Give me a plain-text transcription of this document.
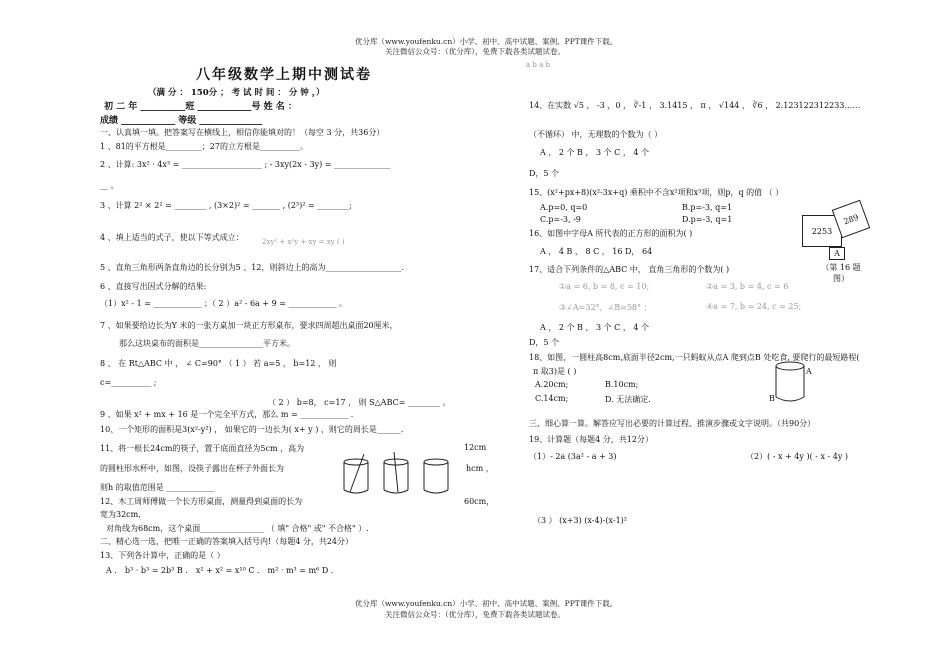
优分库（www.youfenku.cn）小学、初中、高中试题、案例、PPT课件下载。
关注微信公众号：（优分库），免费下载各类试题试卷。
a b a b
八年级数学上期中测试卷
（满 分 ： 150分 ； 考 试 时 间 ： 分 钟 ，）
初 二 年 __________班 ____________号 姓 名 ：
成绩 ____________ 等级 ______________
一、认真填一填。把答案写在横线上，相信你能填对的！（每空 3 分，共36分）
1 、81的平方根是_________；27的立方根是__________。
2 、计算: 3x² · 4x³ = ____________________ ; - 3xy(2x - 3y) = ______________
__ 。
3 、计算 2² × 2² = ________ , (3×2)² = _______ , (2³)² = ________;
4 、填上适当的式子，使以下等式成立：	2xy² + x²y + xy = xy ( )
5 、直角三角形两条直角边的长分别为5 、12，则斜边上的高为___________________.
6 、直接写出因式分解的结果:
（1）x² - 1 = ____________ ；（ 2 ）a² - 6a + 9 = ____________ 。
7 、如果要给边长为Y 米的一张方桌加一块正方形桌布，要求四周超出桌面20厘米，
那么这块桌布的面积是________________平方米。
8 、 在 Rt△ABC 中 ， ∠ C=90° （ 1 ） 若 a=5 ， b=12 ， 则
c=__________ ;
（ 2 ） b=8， c=17 ， 则 S△ABC= ________ 。
9 、如果 x² + mx + 16 是一个完全平方式，那么 m = ____________ .
10、一个矩形的面积是3(x²-y²) ， 如果它的一边长为( x+ y ) ，则它的周长是______.
11、将一根长24cm的筷子，置于底面直径为5cm ，高为	12cm
的圆柱形水杯中，如图，设筷子露出在杯子外面长为	hcm ，
则h 的取值范围是 ____________
12、木工周师傅做一个长方形桌面，测量得到桌面的长为	60cm，
宽为32cm,
对角线为68cm，这个桌面________________ （ 填" 合格" 或" 不合格" ）.
二、精心选一选，把唯一正确的答案填入括号内!（每题4 分，共24分）
13、下列各计算中，正确的是（ ）
A ． b³ · b³ = 2b³ B ． x² + x² = x¹⁰ C ． m² · m³ = m⁶ D ．
14、在实数 √5 ， -3 ，0 ， ∛-1 ， 3.1415 ， π ， √144 ， ∛6 ， 2.123122312233……
（不循环） 中，无理数的个数为（ ）
A ， 2 个 B ， 3 个 C ， 4 个
D，5 个
15、(x²+px+8)(x²-3x+q) 乘积中不含x²项和x³项，则p，q 的值 （ ）
A.p=0, q=0	B.p=-3, q=1
C.p=-3, -9	D.p=-3, q=1
16、如图中字母A 所代表的正方形的面积为( )
A ， 4 B ， 8 C ， 16 D， 64
17、适合下列条件的△ABC 中， 直角三角形的个数为( )
①a = 6, b = 8, c = 10;	②a = 3, b = 4, c = 6
③∠A=32°，∠B=58° ；	④a = 7, b = 24, c = 25;
A ， 2 个 B ， 3 个 C ， 4 个
D，5 个
18、如图，一圆柱高8cm,底面半径2cm,一只蚂蚁从点A 爬到点B 处吃食, 要爬行的最短路程(
π 取3)是 ( )
A.20cm;	B.10cm;
C.14cm;	D. 无法确定.
三、细心算一算。解答应写出必要的计算过程、推演步骤或文字说明。（共90分）
19、计算题（每题4 分，共12分）
（1）- 2a (3a² - a + 3)	（2）( - x + 4y )( - x - 4y )
（3 ） (x+3) (x-4)-(x-1)²
2253
289
A
（第 16 题图）
A
B
优分库（www.youfenku.cn）小学、初中、高中试题、案例、PPT课件下载。
关注微信公众号：（优分库），免费下载各类试题试卷。
